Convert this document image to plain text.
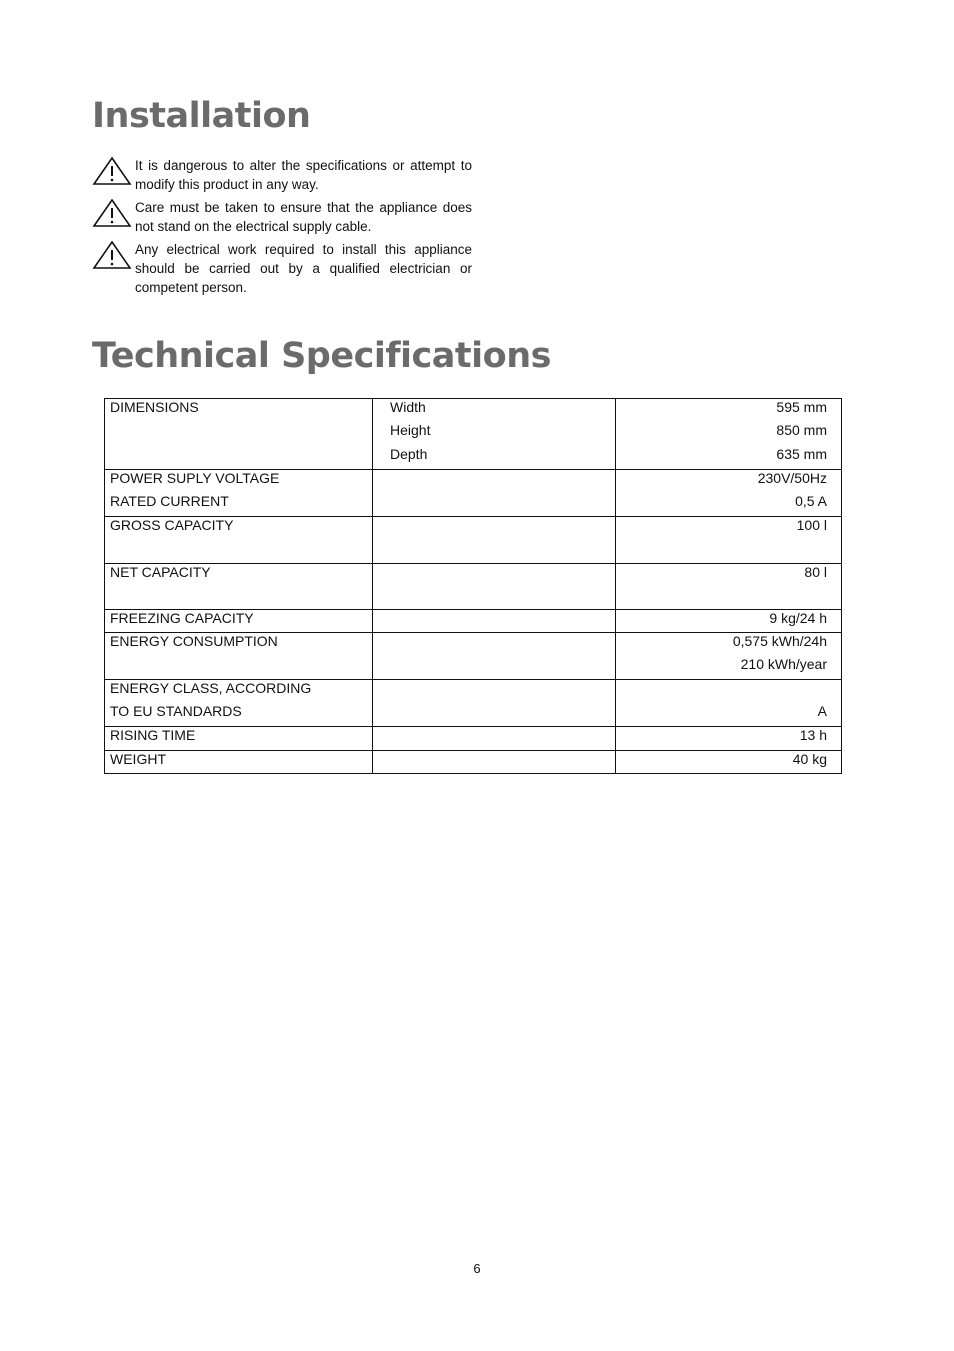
Installation
It is dangerous to alter the specifications or attempt to modify this product in any way.
Care must be taken to ensure that the appliance does not stand on the electrical supply cable.
Any electrical work required to install this appliance should be carried out by a qualified electrician or competent person.
Technical Specifications
DIMENSIONS	Width	595 mm
	Height	850 mm
	Depth	635 mm
POWER SUPLY VOLTAGE		230V/50Hz
RATED CURRENT		0,5 A
GROSS CAPACITY		100 l
NET CAPACITY		80 l
FREEZING CAPACITY		9 kg/24 h
ENERGY CONSUMPTION		0,575 kWh/24h
		210 kWh/year
ENERGY CLASS, ACCORDING		
TO EU STANDARDS		A
RISING TIME		13 h
WEIGHT		40 kg
6
